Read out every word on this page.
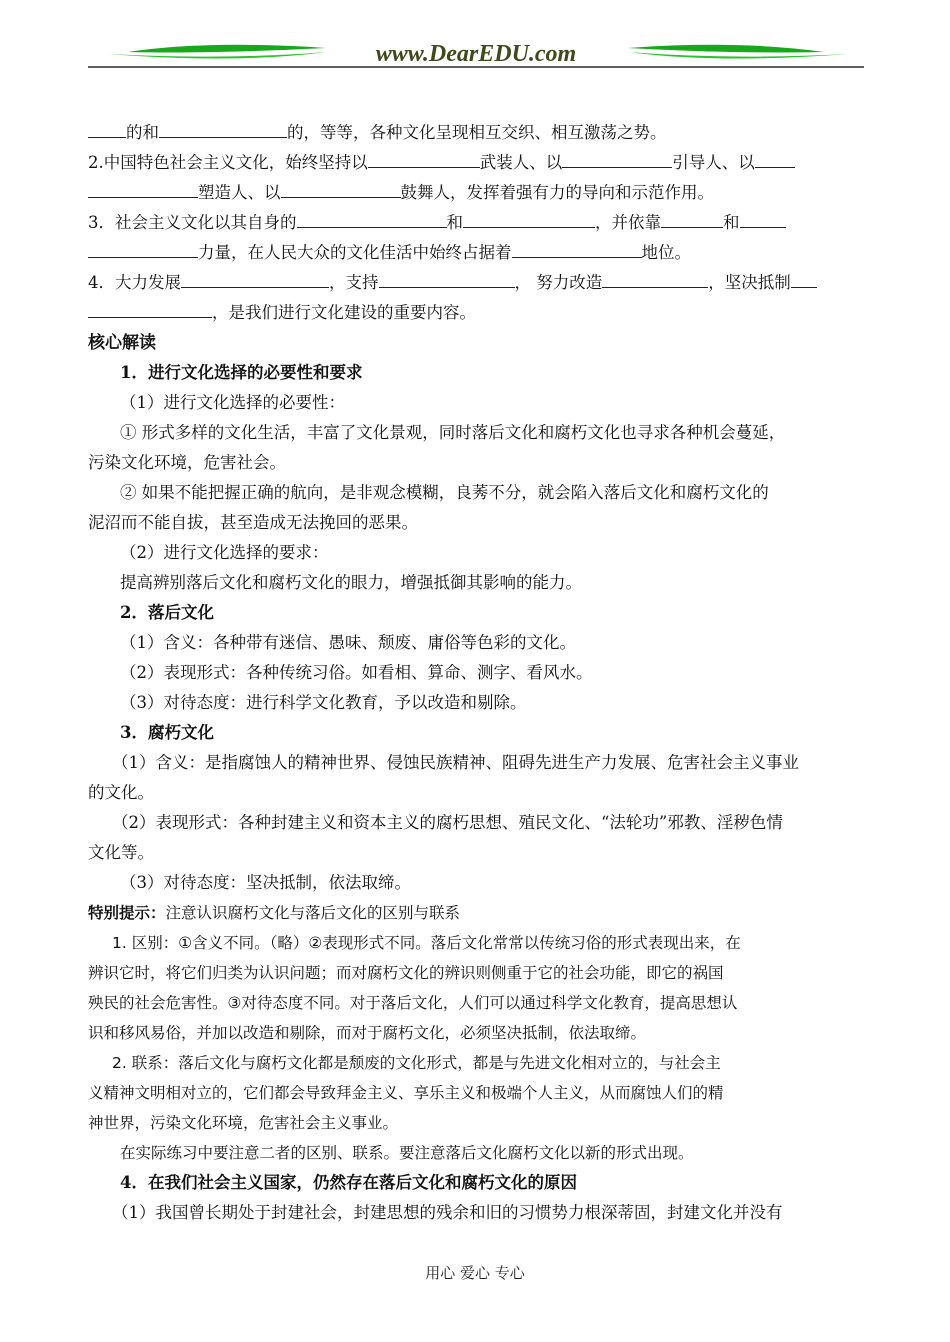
www.DearEDU.com
的和	的，等等，各种文化呈现相互交织、相互激荡之势。
2.中国特色社会主义文化，始终坚持以	武装人、以	引导人、以
塑造人、以	鼓舞人，发挥着强有力的导向和示范作用。
3．社会主义文化以其自身的	和	，并依靠	和
力量，在人民大众的文化佳活中始终占据着	地位。
4．大力发展	，支持	， 努力改造	，坚决抵制
，是我们进行文化建设的重要内容。
核心解读
1．进行文化选择的必要性和要求
（1）进行文化选择的必要性：
① 形式多样的文化生活，丰富了文化景观，同时落后文化和腐朽文化也寻求各种机会蔓延，
污染文化环境，危害社会。
② 如果不能把握正确的航向，是非观念模糊，良莠不分，就会陷入落后文化和腐朽文化的
泥沼而不能自拔，甚至造成无法挽回的恶果。
（2）进行文化选择的要求：
提高辨别落后文化和腐朽文化的眼力，增强抵御其影响的能力。
2．落后文化
（1）含义：各种带有迷信、愚味、颓废、庸俗等色彩的文化。
（2）表现形式：各种传统习俗。如看相、算命、测字、看风水。
（3）对待态度：进行科学文化教育，予以改造和剔除。
3．腐朽文化
（1）含义：是指腐蚀人的精神世界、侵蚀民族精神、阻碍先进生产力发展、危害社会主义事业
的文化。
（2）表现形式：各种封建主义和资本主义的腐朽思想、殖民文化、“法轮功”邪教、淫秽色情
文化等。
（3）对待态度：坚决抵制，依法取缔。
特别提示：注意认识腐朽文化与落后文化的区别与联系
1. 区别：①含义不同。（略）②表现形式不同。落后文化常常以传统习俗的形式表现出来，在
辨识它时，将它们归类为认识问题；而对腐朽文化的辨识则侧重于它的社会功能，即它的祸国
殃民的社会危害性。③对待态度不同。对于落后文化，人们可以通过科学文化教育，提高思想认
识和移风易俗，并加以改造和剔除，而对于腐朽文化，必须坚决抵制，依法取缔。
2. 联系：落后文化与腐朽文化都是颓废的文化形式，都是与先进文化相对立的，与社会主
义精神文明相对立的，它们都会导致拜金主义、享乐主义和极端个人主义，从而腐蚀人们的精
神世界，污染文化环境，危害社会主义事业。
在实际练习中要注意二者的区别、联系。要注意落后文化腐朽文化以新的形式出现。
4．在我们社会主义国家，仍然存在落后文化和腐朽文化的原因
（1）我国曾长期处于封建社会，封建思想的残余和旧的习惯势力根深蒂固，封建文化并没有
用心 爱心 专心
